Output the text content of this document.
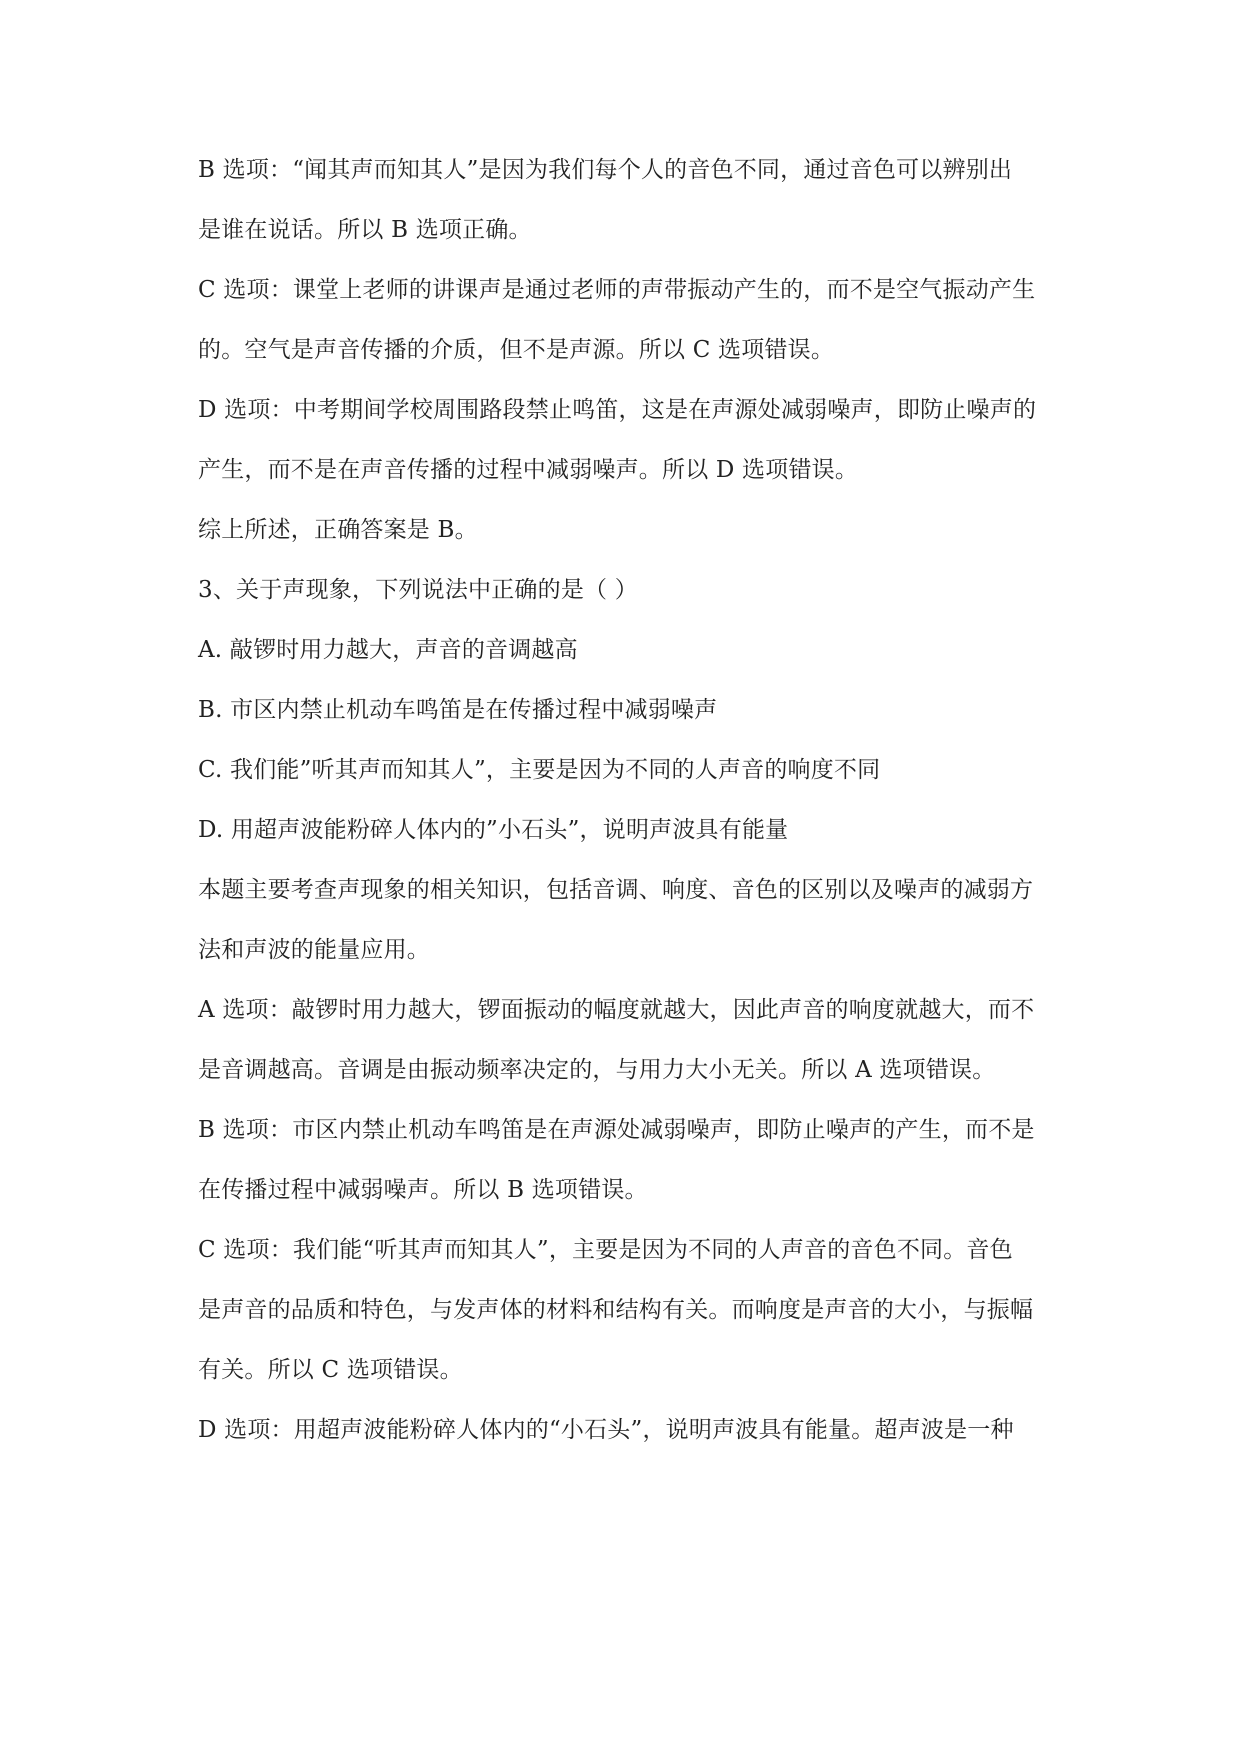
B 选项：“闻其声而知其人”是因为我们每个人的音色不同，通过音色可以辨别出
是谁在说话。所以 B 选项正确。
C 选项：课堂上老师的讲课声是通过老师的声带振动产生的，而不是空气振动产生
的。空气是声音传播的介质，但不是声源。所以 C 选项错误。
D 选项：中考期间学校周围路段禁止鸣笛，这是在声源处减弱噪声，即防止噪声的
产生，而不是在声音传播的过程中减弱噪声。所以 D 选项错误。
综上所述，正确答案是 B。
3、关于声现象，下列说法中正确的是（ ）
A. 敲锣时用力越大，声音的音调越高
B. 市区内禁止机动车鸣笛是在传播过程中减弱噪声
C. 我们能”听其声而知其人”，主要是因为不同的人声音的响度不同
D. 用超声波能粉碎人体内的”小石头”，说明声波具有能量
本题主要考查声现象的相关知识，包括音调、响度、音色的区别以及噪声的减弱方
法和声波的能量应用。
A 选项：敲锣时用力越大，锣面振动的幅度就越大，因此声音的响度就越大，而不
是音调越高。音调是由振动频率决定的，与用力大小无关。所以 A 选项错误。
B 选项：市区内禁止机动车鸣笛是在声源处减弱噪声，即防止噪声的产生，而不是
在传播过程中减弱噪声。所以 B 选项错误。
C 选项：我们能“听其声而知其人”，主要是因为不同的人声音的音色不同。音色
是声音的品质和特色，与发声体的材料和结构有关。而响度是声音的大小，与振幅
有关。所以 C 选项错误。
D 选项：用超声波能粉碎人体内的“小石头”，说明声波具有能量。超声波是一种
